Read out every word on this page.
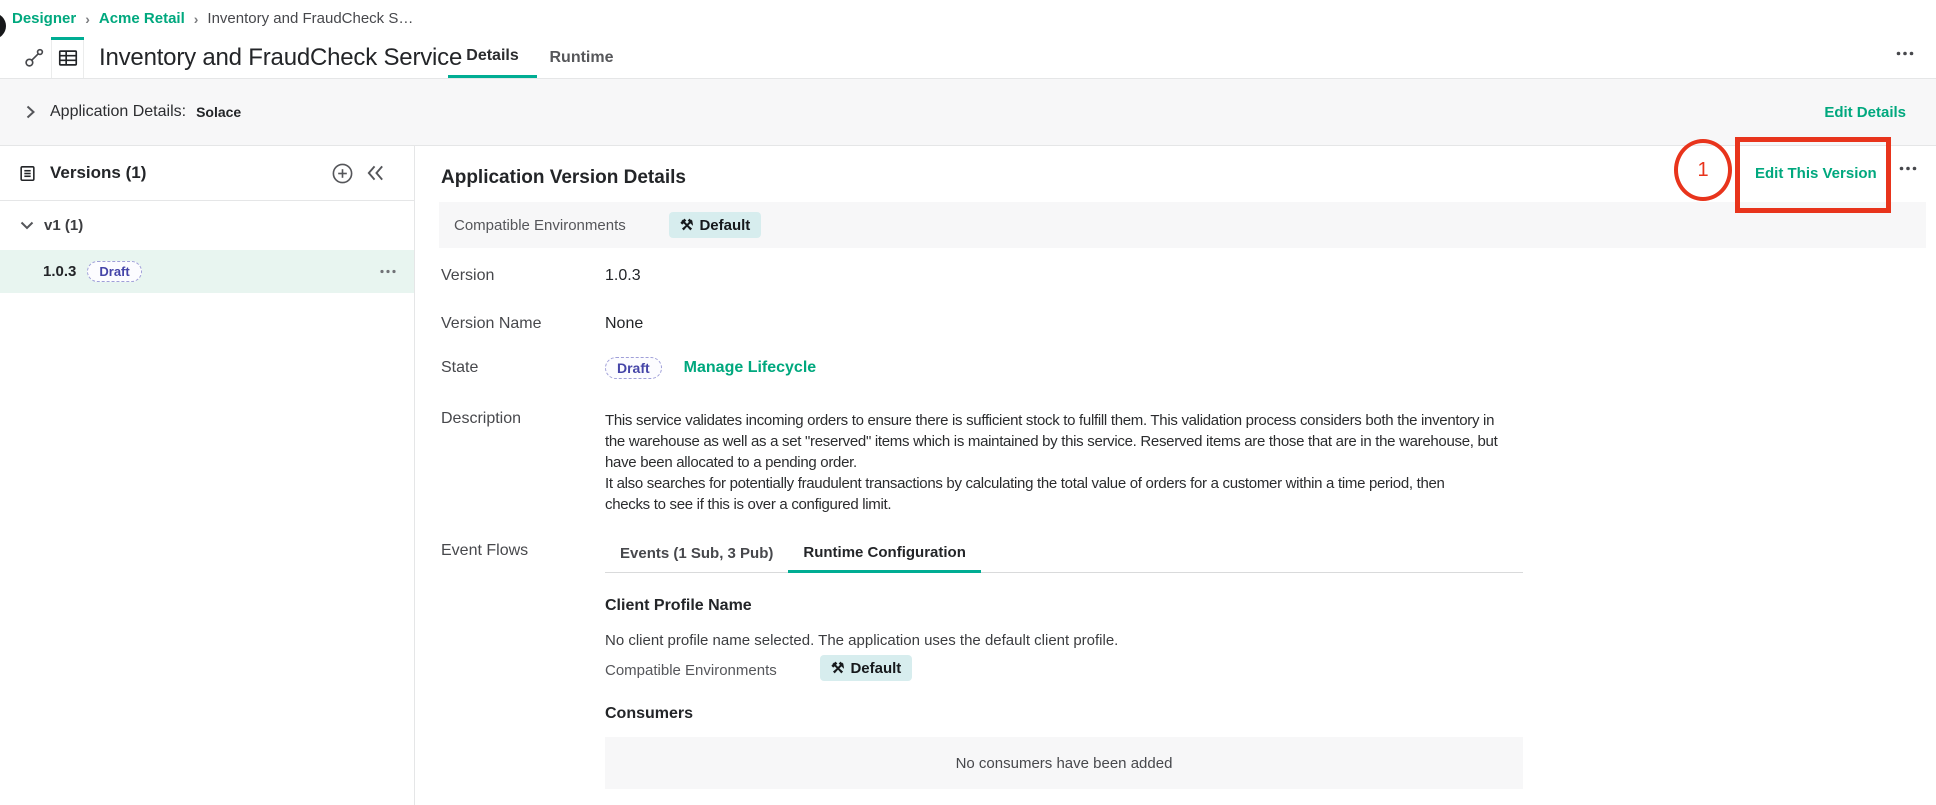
Designer › Acme Retail › Inventory and FraudCheck S…
Inventory and FraudCheck Service Details	Runtime
Application Details: Solace	Edit Details
Versions (1)
v1 (1)
1.0.3	Draft
Application Version Details	1	Edit This Version
Compatible Environments	⚒ Default
Version	1.0.3
Version Name	None
State	Draft	Manage Lifecycle
Description	This service validates incoming orders to ensure there is sufficient stock to fulfill them. This validation process considers both the inventory in
the warehouse as well as a set "reserved" items which is maintained by this service. Reserved items are those that are in the warehouse, but
have been allocated to a pending order.
It also searches for potentially fraudulent transactions by calculating the total value of orders for a customer within a time period, then
checks to see if this is over a configured limit.
Event Flows	Events (1 Sub, 3 Pub)	Runtime Configuration
Client Profile Name
No client profile name selected. The application uses the default client profile.
Compatible Environments	⚒ Default
Consumers
No consumers have been added
